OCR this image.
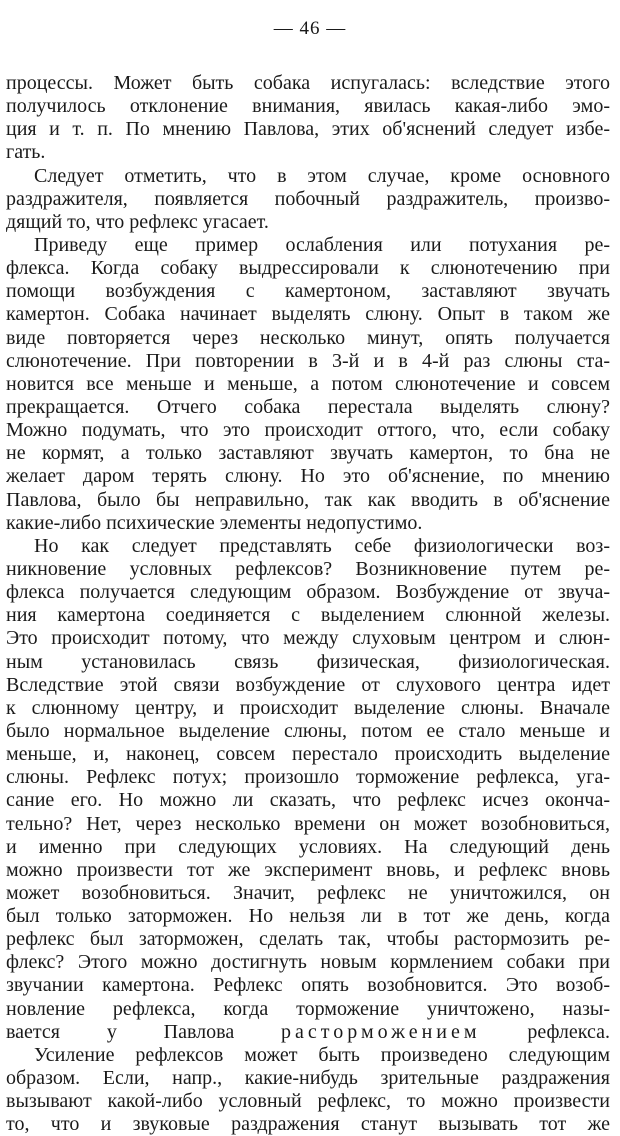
— 46 —
процессы. Может быть собака испугалась: вследствие этого
получилось отклонение внимания, явилась какая-либо эмо-
ция и т. п. По мнению Павлова, этих об'яснений следует избе-
гать.
Следует отметить, что в этом случае, кроме основного
раздражителя, появляется побочный раздражитель, произво-
дящий то, что рефлекс угасает.
Приведу еще пример ослабления или потухания ре-
флекса. Когда собаку выдрессировали к слюнотечению при
помощи возбуждения с камертоном, заставляют звучать
камертон. Собака начинает выделять слюну. Опыт в таком же
виде повторяется через несколько минут, опять получается
слюнотечение. При повторении в 3-й и в 4-й раз слюны ста-
новится все меньше и меньше, а потом слюнотечение и совсем
прекращается. Отчего собака перестала выделять слюну?
Можно подумать, что это происходит оттого, что, если собаку
не кормят, а только заставляют звучать камертон, то бна не
желает даром терять слюну. Но это об'яснение, по мнению
Павлова, было бы неправильно, так как вводить в об'яснение
какие-либо психические элементы недопустимо.
Но как следует представлять себе физиологически воз-
никновение условных рефлексов? Возникновение путем ре-
флекса получается следующим образом. Возбуждение от звуча-
ния камертона соединяется с выделением слюнной железы.
Это происходит потому, что между слуховым центром и слюн-
ным установилась связь физическая, физиологическая.
Вследствие этой связи возбуждение от слухового центра идет
к слюнному центру, и происходит выделение слюны. Вначале
было нормальное выделение слюны, потом ее стало меньше и
меньше, и, наконец, совсем перестало происходить выделение
слюны. Рефлекс потух; произошло торможение рефлекса, уга-
сание его. Но можно ли сказать, что рефлекс исчез оконча-
тельно? Нет, через несколько времени он может возобновиться,
и именно при следующих условиях. На следующий день
можно произвести тот же эксперимент вновь, и рефлекс вновь
может возобновиться. Значит, рефлекс не уничтожился, он
был только заторможен. Но нельзя ли в тот же день, когда
рефлекс был заторможен, сделать так, чтобы растормозить ре-
флекс? Этого можно достигнуть новым кормлением собаки при
звучании камертона. Рефлекс опять возобновится. Это возоб-
новление рефлекса, когда торможение уничтожено, назы-
вается у Павлова расторможением рефлекса.
Усиление рефлексов может быть произведено следующим
образом. Если, напр., какие-нибудь зрительные раздражения
вызывают какой-либо условный рефлекс, то можно произвести
то, что и звуковые раздражения станут вызывать тот же
